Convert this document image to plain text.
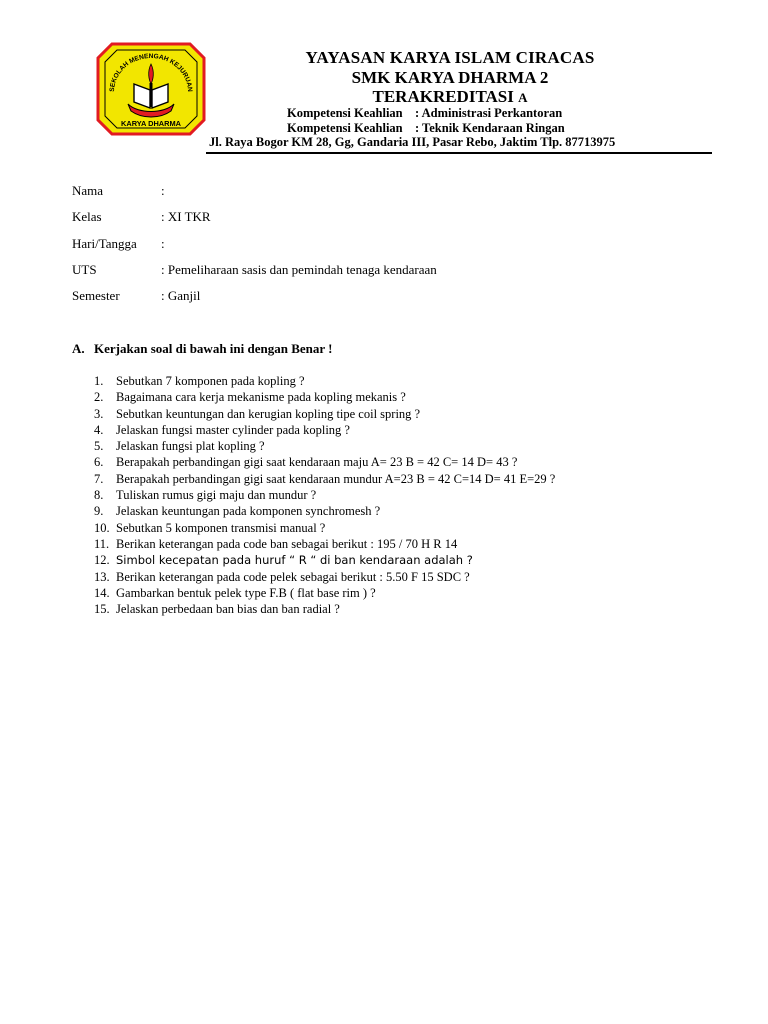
SEKOLAH MENENGAH KEJURUAN
KARYA DHARMA
YAYASAN KARYA ISLAM CIRACAS
SMK KARYA DHARMA 2
TERAKREDITASI A
Kompetensi Keahlian : Administrasi Perkantoran
Kompetensi Keahlian : Teknik Kendaraan Ringan
Jl. Raya Bogor KM 28, Gg, Gandaria III, Pasar Rebo, Jaktim Tlp. 87713975
Nama	:
Kelas	: XI TKR
Hari/Tangga :
UTS	: Pemeliharaan sasis dan pemindah tenaga kendaraan
Semester	: Ganjil
A. Kerjakan soal di bawah ini dengan Benar !
1. Sebutkan 7 komponen pada kopling ?
2. Bagaimana cara kerja mekanisme pada kopling mekanis ?
3. Sebutkan keuntungan dan kerugian kopling tipe coil spring ?
4. Jelaskan fungsi master cylinder pada kopling ?
5. Jelaskan fungsi plat kopling ?
6. Berapakah perbandingan gigi saat kendaraan maju A= 23 B = 42 C= 14 D= 43 ?
7. Berapakah perbandingan gigi saat kendaraan mundur A=23 B = 42 C=14 D= 41 E=29 ?
8. Tuliskan rumus gigi maju dan mundur ?
9. Jelaskan keuntungan pada komponen synchromesh ?
10. Sebutkan 5 komponen transmisi manual ?
11. Berikan keterangan pada code ban sebagai berikut : 195 / 70 H R 14
12. Simbol kecepatan pada huruf “ R “ di ban kendaraan adalah ?
13. Berikan keterangan pada code pelek sebagai berikut : 5.50 F 15 SDC ?
14. Gambarkan bentuk pelek type F.B ( flat base rim ) ?
15. Jelaskan perbedaan ban bias dan ban radial ?
